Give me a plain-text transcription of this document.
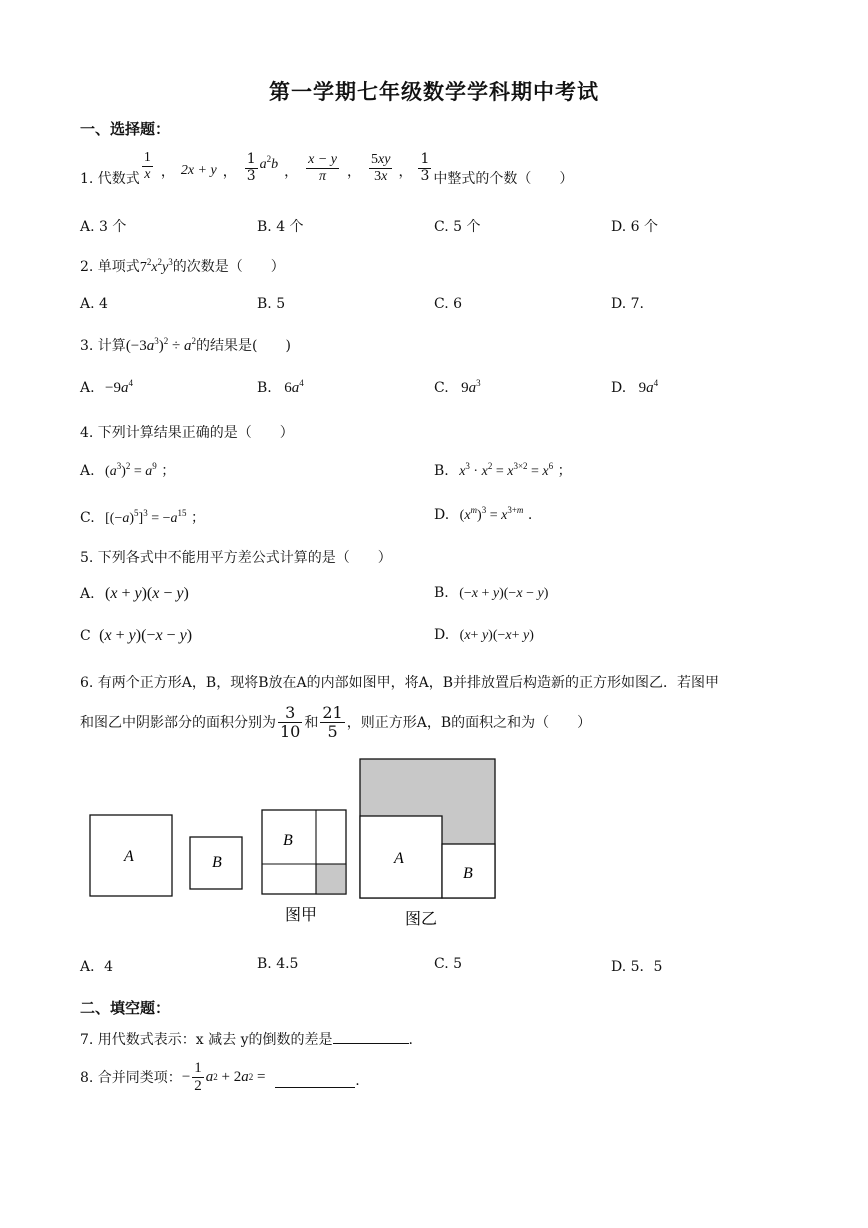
第一学期七年级数学学科期中考试
一、选择题：
1. 代数式 $\frac{1}{x}$ ， 2x + y ， $\frac{1}{3} a^2b$ ， $\frac{x - y}{\pi}$ ， $\frac{5xy}{3x}$ ， $\frac{1}{3}$ 中整式的个数（　　）
A. 3 个	B. 4 个	C. 5 个	D. 6 个
2. 单项式$7^2x^2y^3$的次数是（　　）
A. 4	B. 5	C. 6	D. 7.
3. 计算$(-3a^3)^2 \div a^2$的结果是(　　)
A. $-9a^4$	B. $6a^4$	C. $9a^3$	D. $9a^4$
4. 下列计算结果正确的是（　　）
A. $(a^3)^2 = a^9$ ；	B. $x^3 \cdot x^2 = x^{3\times 2} = x^6$ ；
C. $[(-a)^5]^3 = -a^{15}$ ；	D. $(x^m)^3 = x^{3+m}$ .
5. 下列各式中不能用平方差公式计算的是（　　）
A. (x + y)(x − y)	B. (−x + y)(−x − y)
C (x + y)(−x − y)	D. (x+ y)(−x+ y)
6. 有两个正方形A，B，现将B放在A的内部如图甲，将A，B并排放置后构造新的正方形如图乙．若图甲
和图乙中阴影部分的面积分别为 $\frac{3}{10}$ 和 $\frac{21}{5}$ ，则正方形A，B的面积之和为（　　）
A	B
B
A
B
图甲	图乙
A．4	B. 4.5	C. 5	D. 5．5
二、填空题：
7. 用代数式表示：x 减去 y的倒数的差是	.
8. 合并同类项： − $\frac{1}{2}$ a 2 + 2 a 2 =	.
